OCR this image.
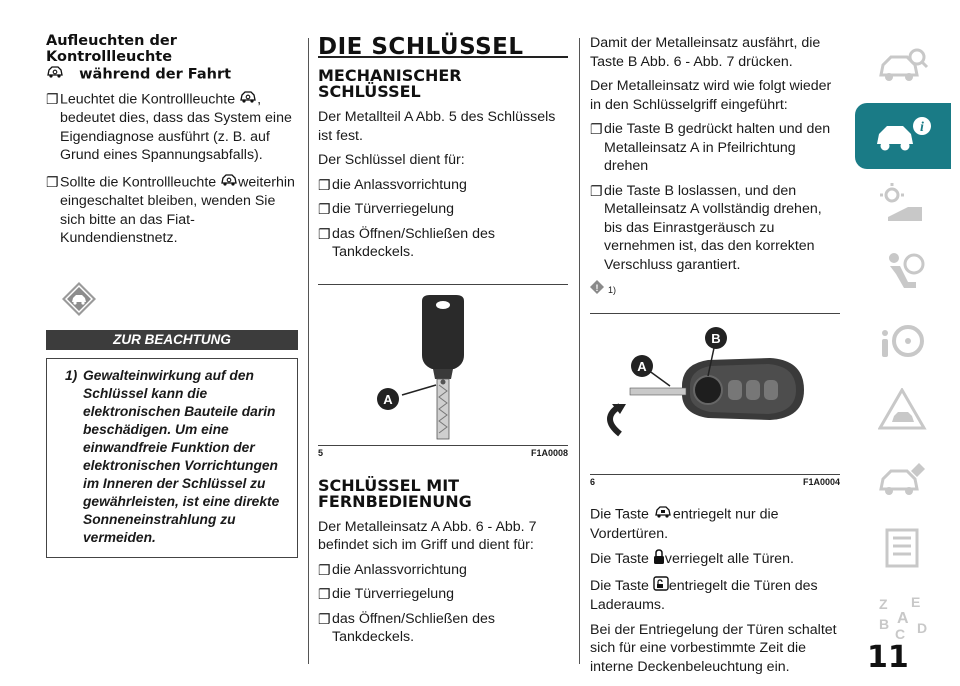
Aufleuchten der
Kontrollleuchte
während der Fahrt
❐ Leuchtet die Kontrollleuchte , bedeutet dies, dass das System eine Eigendiagnose ausführt (z. B. auf Grund eines Spannungsabfalls).

❐ Sollte die Kontrollleuchte weiterhin eingeschaltet bleiben, wenden Sie sich bitte an das Fiat-Kundendienstnetz.

ZUR BEACHTUNG

1) Gewalteinwirkung auf den Schlüssel kann die elektronischen Bauteile darin beschädigen. Um eine einwandfreie Funktion der elektronischen Vorrichtungen im Inneren der Schlüssel zu gewährleisten, ist eine direkte Sonneneinstrahlung zu vermeiden.

DIE SCHLÜSSEL
MECHANISCHER
SCHLÜSSEL

Der Metallteil A Abb. 5 des Schlüssels ist fest.

Der Schlüssel dient für:

❐ die Anlassvorrichtung

❐ die Türverriegelung

❐ das Öffnen/Schließen des Tankdeckels.

A
5	F1A0008
SCHLÜSSEL MIT
FERNBEDIENUNG

Der Metalleinsatz A Abb. 6 - Abb. 7 befindet sich im Griff und dient für:

❐ die Anlassvorrichtung

❐ die Türverriegelung

❐ das Öffnen/Schließen des Tankdeckels.

Damit der Metalleinsatz ausfährt, die Taste B Abb. 6 - Abb. 7 drücken.

Der Metalleinsatz wird wie folgt wieder in den Schlüsselgriff eingeführt:

❐ die Taste B gedrückt halten und den Metalleinsatz A in Pfeilrichtung drehen

❐ die Taste B loslassen, und den Metalleinsatz A vollständig drehen, bis das Einrastgeräusch zu vernehmen ist, das den korrekten Verschluss garantiert.

! 1)
A
B
6	F1A0004

Die Taste entriegelt nur die Vordertüren.

Die Taste verriegelt alle Türen.

Die Taste entriegelt die Türen des Laderaums.

Bei der Entriegelung der Türen schaltet sich für eine vorbestimmte Zeit die interne Deckenbeleuchtung ein.

i
Z E
A
B D
C
11
